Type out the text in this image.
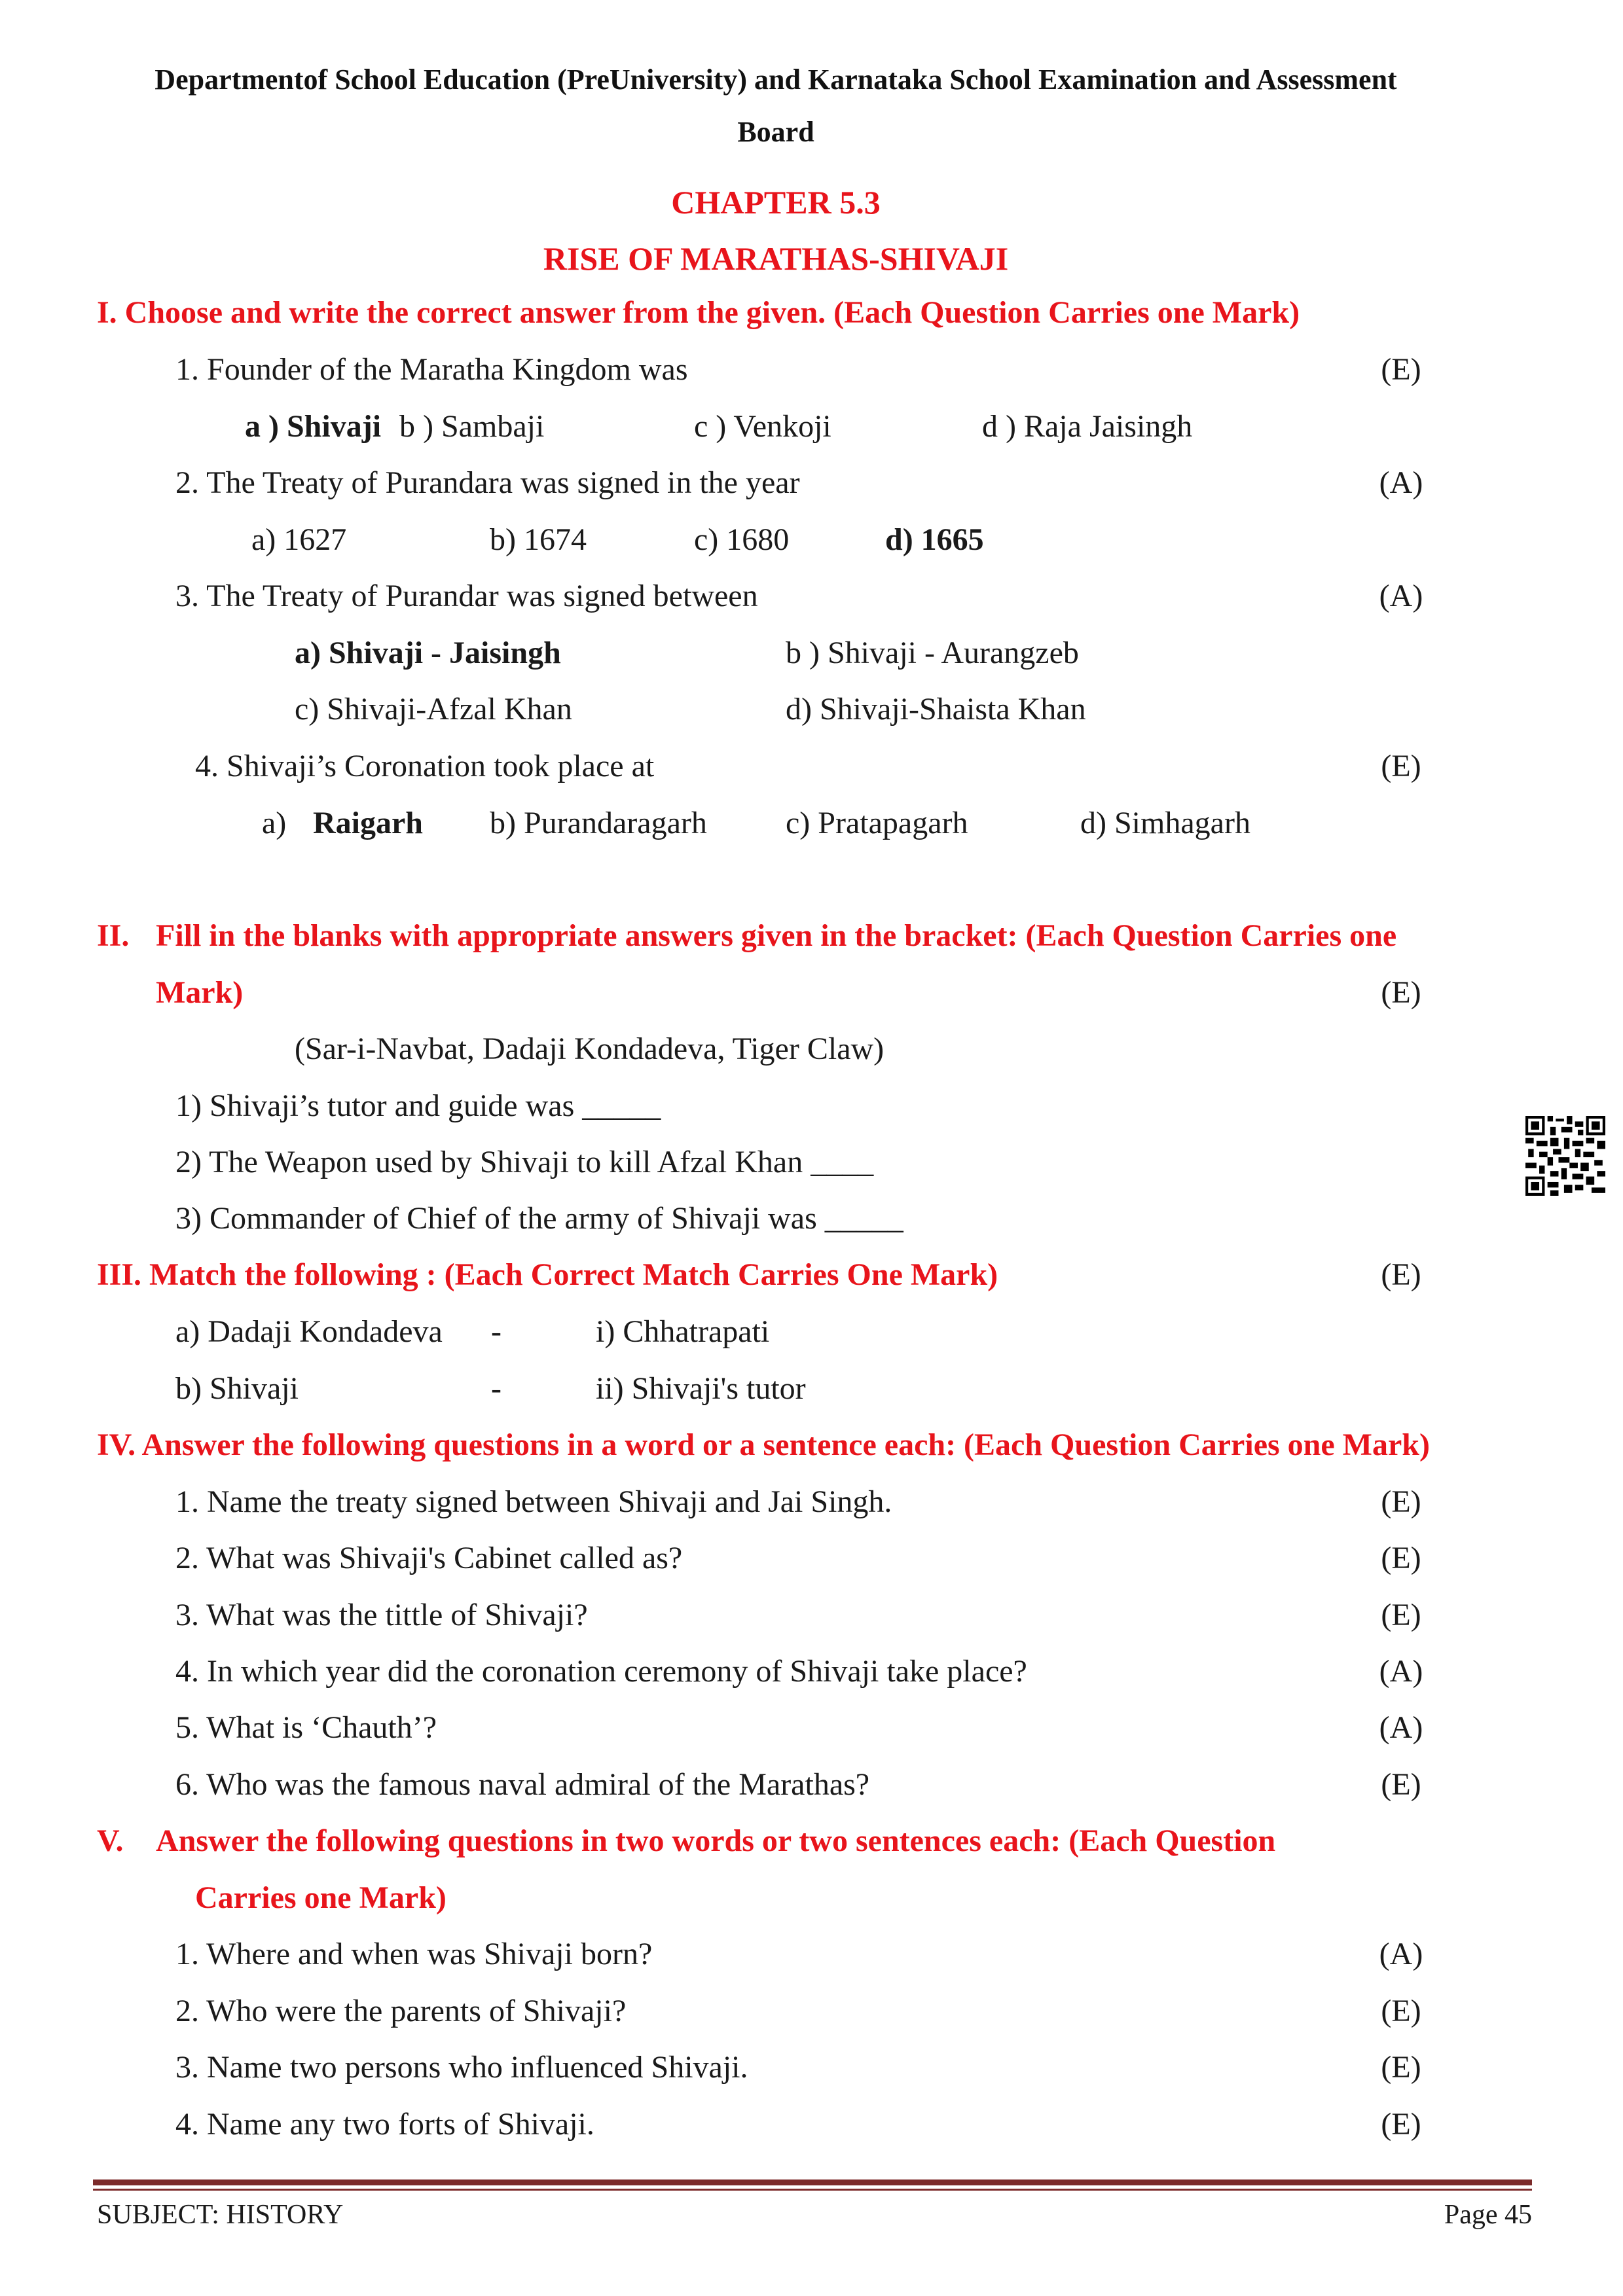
Departmentof School Education (PreUniversity) and Karnataka School Examination and Assessment
Board
CHAPTER 5.3
RISE OF MARATHAS-SHIVAJI
I. Choose and write the correct answer from the given. (Each Question Carries one Mark)
1. Founder of the Maratha Kingdom was	(E)
a ) Shivaji b ) Sambaji	c ) Venkoji	d ) Raja Jaisingh
2. The Treaty of Purandara was signed in the year	(A)
a) 1627	b) 1674	c) 1680	d) 1665
3. The Treaty of Purandar was signed between	(A)
a) Shivaji - Jaisingh	b ) Shivaji - Aurangzeb
c) Shivaji-Afzal Khan	d) Shivaji-Shaista Khan
4. Shivaji’s Coronation took place at	(E)
a) Raigarh b) Purandaragarh	c) Pratapagarh	d) Simhagarh
II. Fill in the blanks with appropriate answers given in the bracket: (Each Question Carries one
Mark)	(E)
(Sar-i-Navbat, Dadaji Kondadeva, Tiger Claw)
1) Shivaji’s tutor and guide was _____
2) The Weapon used by Shivaji to kill Afzal Khan ____
3) Commander of Chief of the army of Shivaji was _____
III. Match the following : (Each Correct Match Carries One Mark)	(E)
a) Dadaji Kondadeva -	i) Chhatrapati
b) Shivaji	-	ii) Shivaji's tutor
IV. Answer the following questions in a word or a sentence each: (Each Question Carries one Mark)
1. Name the treaty signed between Shivaji and Jai Singh.	(E)
2. What was Shivaji's Cabinet called as?	(E)
3. What was the tittle of Shivaji?	(E)
4. In which year did the coronation ceremony of Shivaji take place?	(A)
5. What is ‘Chauth’?	(A)
6. Who was the famous naval admiral of the Marathas?	(E)
V. Answer the following questions in two words or two sentences each: (Each Question
Carries one Mark)
1. Where and when was Shivaji born?	(A)
2. Who were the parents of Shivaji?	(E)
3. Name two persons who influenced Shivaji.	(E)
4. Name any two forts of Shivaji.	(E)
SUBJECT: HISTORY	Page 45
